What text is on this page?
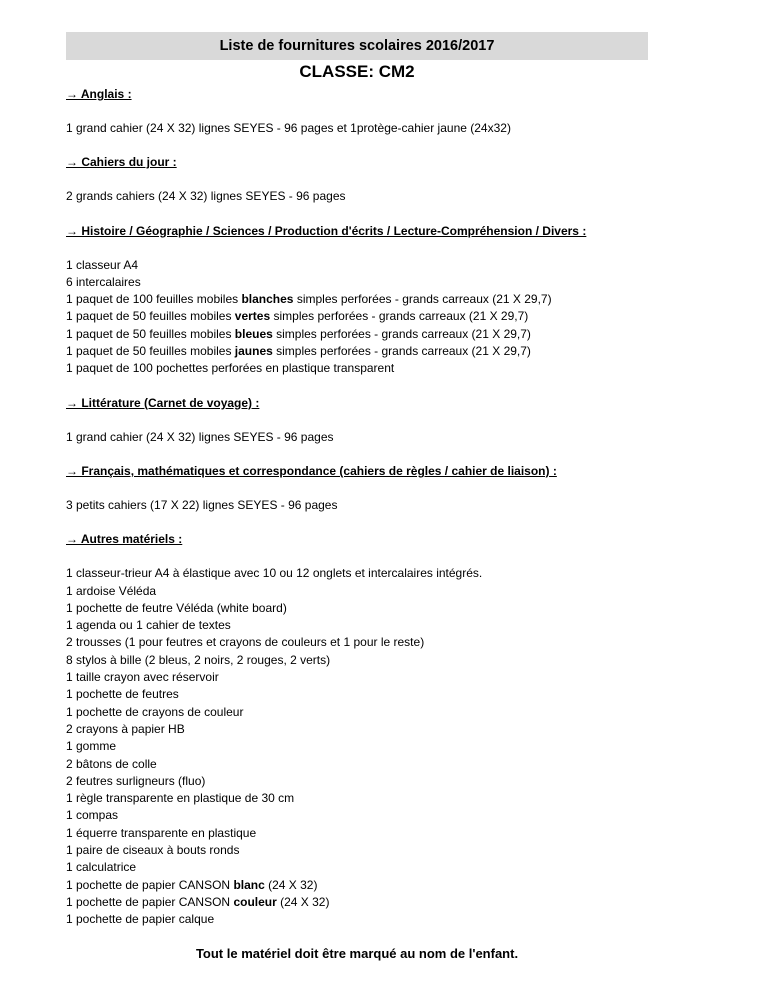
Liste de fournitures scolaires 2016/2017
CLASSE: CM2
→ Anglais :
1 grand cahier (24 X 32) lignes SEYES - 96 pages et 1protège-cahier jaune (24x32)
→ Cahiers du jour :
2 grands cahiers (24 X 32) lignes SEYES - 96 pages
→ Histoire / Géographie / Sciences / Production d'écrits / Lecture-Compréhension / Divers :
1 classeur A4
6 intercalaires
1 paquet de 100 feuilles mobiles blanches simples perforées - grands carreaux (21 X 29,7)
1 paquet de 50 feuilles mobiles vertes simples perforées - grands carreaux (21 X 29,7)
1 paquet de 50 feuilles mobiles bleues simples perforées - grands carreaux (21 X 29,7)
1 paquet de 50 feuilles mobiles jaunes simples perforées - grands carreaux (21 X 29,7)
1 paquet de 100 pochettes perforées en plastique transparent
→ Littérature (Carnet de voyage) :
1 grand cahier (24 X 32) lignes SEYES - 96 pages
→ Français, mathématiques et correspondance (cahiers de règles / cahier de liaison) :
3 petits cahiers (17 X 22) lignes SEYES - 96 pages
→ Autres matériels :
1 classeur-trieur A4 à élastique avec 10 ou 12 onglets et intercalaires intégrés.
1 ardoise Véléda
1 pochette de feutre Véléda (white board)
1 agenda ou 1 cahier de textes
2 trousses (1 pour feutres et crayons de couleurs et 1 pour le reste)
8 stylos à bille (2 bleus, 2 noirs, 2 rouges, 2 verts)
1 taille crayon avec réservoir
1 pochette de feutres
1 pochette de crayons de couleur
2 crayons à papier HB
1 gomme
2 bâtons de colle
2 feutres surligneurs (fluo)
1 règle transparente en plastique de 30 cm
1 compas
1 équerre transparente en plastique
1 paire de ciseaux à bouts ronds
1 calculatrice
1 pochette de papier CANSON blanc (24 X 32)
1 pochette de papier CANSON couleur (24 X 32)
1 pochette de papier calque
Tout le matériel doit être marqué au nom de l'enfant.
